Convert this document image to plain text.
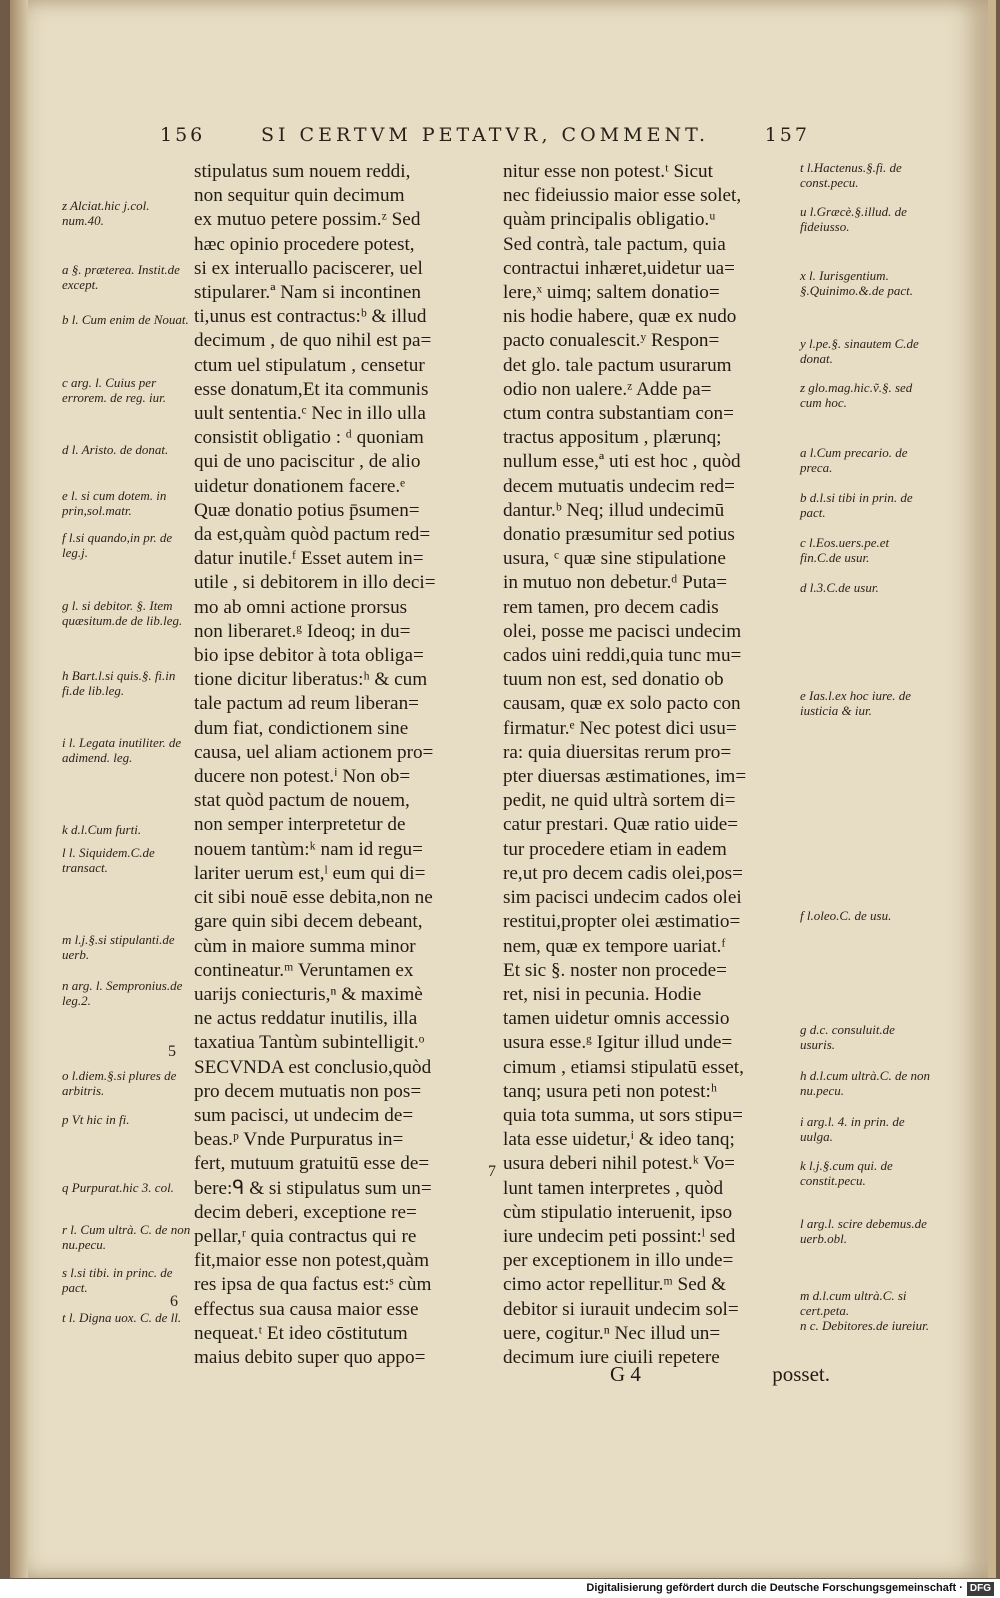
156	SI CERTVM PETATVR, COMMENT.	157

stipulatus sum nouem reddi,

non sequitur quin decimum

ex mutuo petere possim.ᶻ Sed

hæc opinio procedere potest,

si ex interuallo paciscerer, uel

stipularer.ª Nam si incontinen

ti,unus est contractus:ᵇ & illud

decimum , de quo nihil est pa=

ctum uel stipulatum , censetur

esse donatum,Et ita communis

uult sententia.ᶜ Nec in illo ulla

consistit obligatio : ᵈ quoniam

qui de uno paciscitur , de alio

uidetur donationem facere.ᵉ

Quæ donatio potius p̄sumen=

da est,quàm quòd pactum red=

datur inutile.ᶠ Esset autem in=

utile , si debitorem in illo deci=

mo ab omni actione prorsus

non liberaret.ᵍ Ideoq; in du=

bio ipse debitor à tota obliga=

tione dicitur liberatus:ʰ & cum

tale pactum ad reum liberan=

dum fiat, condictionem sine

causa, uel aliam actionem pro=

ducere non potest.ⁱ Non ob=

stat quòd pactum de nouem,

non semper interpretetur de

nouem tantùm:ᵏ nam id regu=

lariter uerum est,ˡ eum qui di=

cit sibi nouē esse debita,non ne

gare quin sibi decem debeant,

cùm in maiore summa minor

contineatur.ᵐ Veruntamen ex

uarijs coniecturis,ⁿ & maximè

ne actus reddatur inutilis, illa

taxatiua Tantùm subintelligit.ᵒ

SECVNDA est conclusio,quòd

pro decem mutuatis non pos=

sum pacisci, ut undecim de=

beas.ᵖ Vnde Purpuratus in=

fert, mutuum gratuitū esse de=

bere:ᑫ & si stipulatus sum un=

decim deberi, exceptione re=

pellar,ʳ quia contractus qui re

fit,maior esse non potest,quàm

res ipsa de qua factus est:ˢ cùm

effectus sua causa maior esse

nequeat.ᵗ Et ideo cōstitutum

maius debito super quo appo=

nitur esse non potest.ᵗ Sicut

nec fideiussio maior esse solet,

quàm principalis obligatio.ᵘ

Sed contrà, tale pactum, quia

contractui inhæret,uidetur ua=

lere,ˣ uimq; saltem donatio=

nis hodie habere, quæ ex nudo

pacto conualescit.ʸ Respon=

det glo. tale pactum usurarum

odio non ualere.ᶻ Adde pa=

ctum contra substantiam con=

tractus appositum , plærunq;

nullum esse,ª uti est hoc , quòd

decem mutuatis undecim red=

dantur.ᵇ Neq; illud undecimū

donatio præsumitur sed potius

usura, ᶜ quæ sine stipulatione

in mutuo non debetur.ᵈ Puta=

rem tamen, pro decem cadis

olei, posse me pacisci undecim

cados uini reddi,quia tunc mu=

tuum non est, sed donatio ob

causam, quæ ex solo pacto con

firmatur.ᵉ Nec potest dici usu=

ra: quia diuersitas rerum pro=

pter diuersas æstimationes, im=

pedit, ne quid ultrà sortem di=

catur prestari. Quæ ratio uide=

tur procedere etiam in eadem

re,ut pro decem cadis olei,pos=

sim pacisci undecim cados olei

restitui,propter olei æstimatio=

nem, quæ ex tempore uariat.ᶠ

Et sic §. noster non procede=

ret, nisi in pecunia. Hodie

tamen uidetur omnis accessio

usura esse.ᵍ Igitur illud unde=

cimum , etiamsi stipulatū esset,

tanq; usura peti non potest:ʰ

quia tota summa, ut sors stipu=

lata esse uidetur,ⁱ & ideo tanq;

usura deberi nihil potest.ᵏ Vo=

lunt tamen interpretes , quòd

cùm stipulatio interuenit, ipso

iure undecim peti possint:ˡ sed

per exceptionem in illo unde=

cimo actor repellitur.ᵐ Sed &

debitor si iurauit undecim sol=

uere, cogitur.ⁿ Nec illud un=

decimum iure ciuili repetere

z Alciat.hic j.col. num.40.
a §. præterea. Instit.de except.
b l. Cum enim de Nouat.
c arg. l. Cuius per errorem. de reg. iur.
d l. Aristo. de donat.
e l. si cum dotem. in prin,sol.matr.
f l.si quando,in pr. de leg.j.
g l. si debitor. §. Item quæsitum.de de lib.leg.
h Bart.l.si quis.§. fi.in fi.de lib.leg.
i l. Legata inutiliter. de adimend. leg.
k d.l.Cum furti.
l l. Siquidem.C.de transact.
m l.j.§.si stipulanti.de uerb.
n arg. l. Sempronius.de leg.2.
o l.diem.§.si plures de arbitris.
p Vt hic in fi.
q Purpurat.hic 3. col.
r l. Cum ultrà. C. de non nu.pecu.
s l.si tibi. in princ. de pact.
t l. Digna uox. C. de ll.
t l.Hactenus.§.fi. de const.pecu.
u l.Græcè.§.illud. de fideiusso.
x l. Iurisgentium. §.Quinimo.&.de pact.
y l.pe.§. sinautem C.de donat.
z glo.mag.hic.ṽ.§. sed cum hoc.
a l.Cum precario. de preca.
b d.l.si tibi in prin. de pact.
c l.Eos.uers.pe.et fin.C.de usur.
d l.3.C.de usur.
e Ias.l.ex hoc iure. de iusticia & iur.
f l.oleo.C. de usu.
g d.c. consuluit.de usuris.
h d.l.cum ultrà.C. de non nu.pecu.
i arg.l. 4. in prin. de uulga.
k l.j.§.cum qui. de constit.pecu.
l arg.l. scire debemus.de uerb.obl.
m d.l.cum ultrà.C. si cert.peta.
n c. Debitores.de iureiur.
5
6
7
G 4	posset.
Digitalisierung gefördert durch die Deutsche Forschungsgemeinschaft · DFG
